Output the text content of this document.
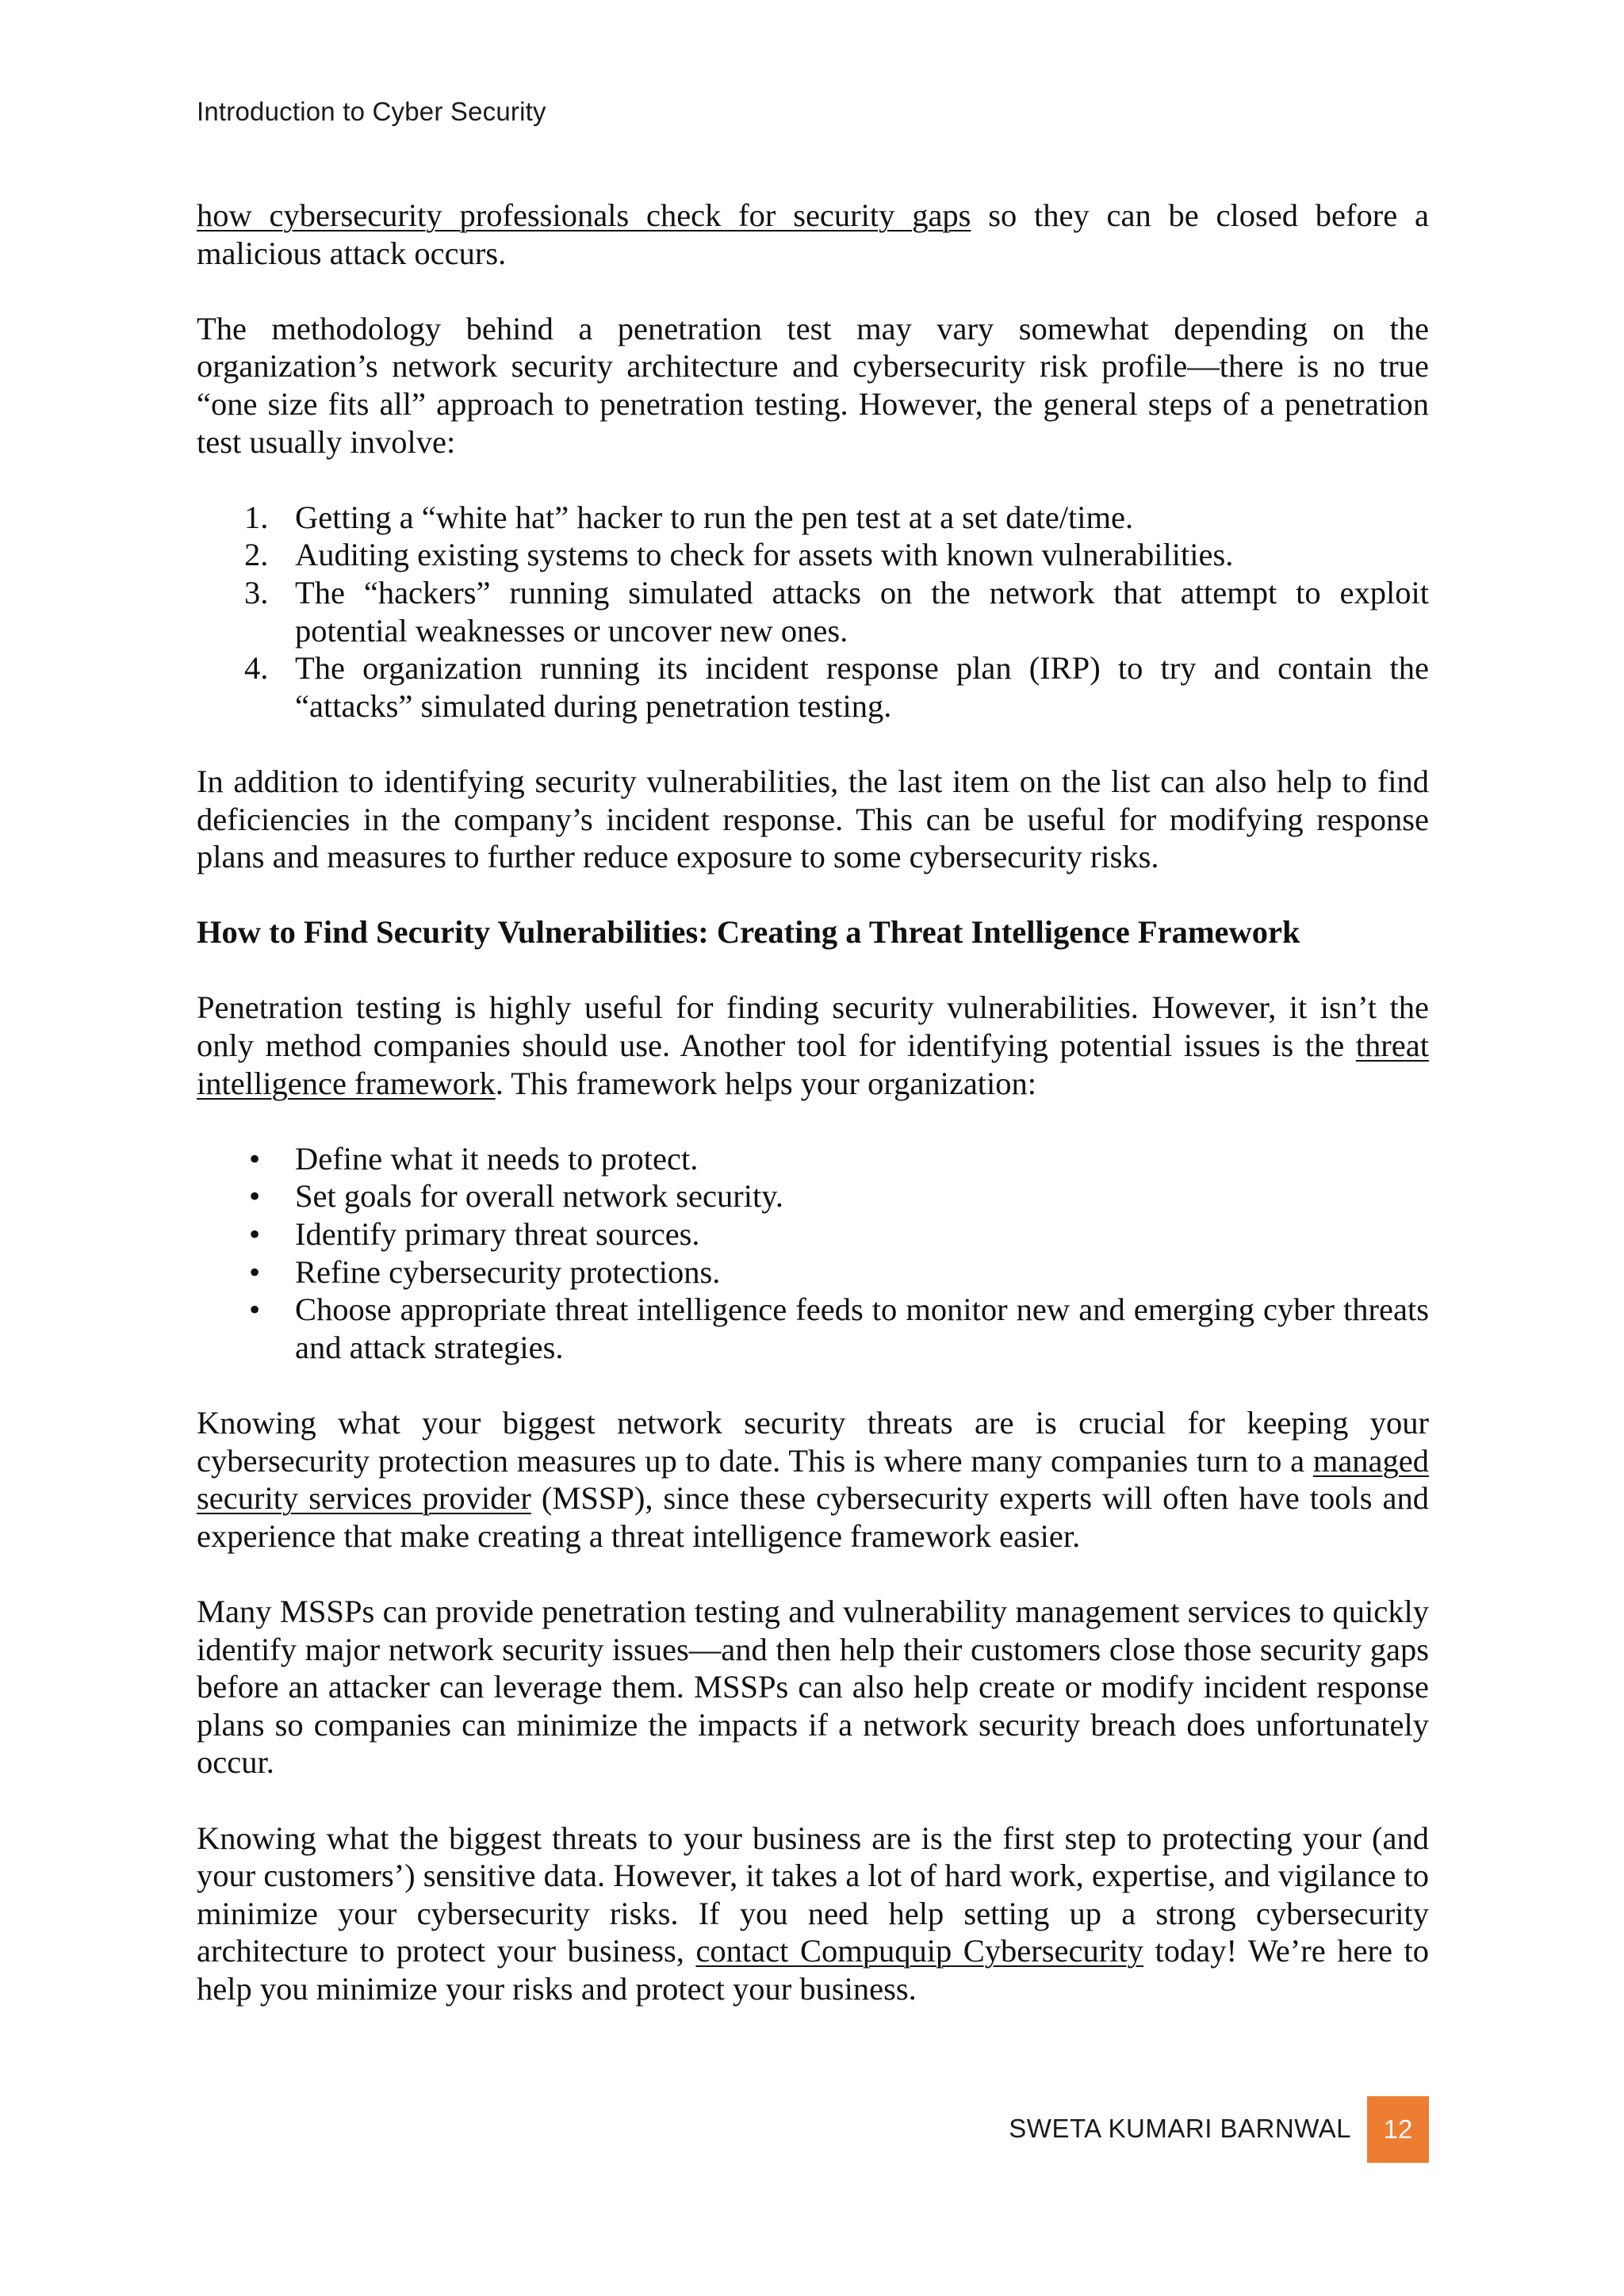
Introduction to Cyber Security

how cybersecurity professionals check for security gaps so they can be closed before a malicious attack occurs.

The methodology behind a penetration test may vary somewhat depending on the organization’s network security architecture and cybersecurity risk profile—there is no true “one size fits all” approach to penetration testing. However, the general steps of a penetration test usually involve:

1. Getting a “white hat” hacker to run the pen test at a set date/time.
2. Auditing existing systems to check for assets with known vulnerabilities.
3. The “hackers” running simulated attacks on the network that attempt to exploit potential weaknesses or uncover new ones.
4. The organization running its incident response plan (IRP) to try and contain the “attacks” simulated during penetration testing.

In addition to identifying security vulnerabilities, the last item on the list can also help to find deficiencies in the company’s incident response. This can be useful for modifying response plans and measures to further reduce exposure to some cybersecurity risks.

How to Find Security Vulnerabilities: Creating a Threat Intelligence Framework

Penetration testing is highly useful for finding security vulnerabilities. However, it isn’t the only method companies should use. Another tool for identifying potential issues is the threat intelligence framework. This framework helps your organization:

• Define what it needs to protect.
• Set goals for overall network security.
• Identify primary threat sources.
• Refine cybersecurity protections.
• Choose appropriate threat intelligence feeds to monitor new and emerging cyber threats and attack strategies.

Knowing what your biggest network security threats are is crucial for keeping your cybersecurity protection measures up to date. This is where many companies turn to a managed security services provider (MSSP), since these cybersecurity experts will often have tools and experience that make creating a threat intelligence framework easier.

Many MSSPs can provide penetration testing and vulnerability management services to quickly identify major network security issues—and then help their customers close those security gaps before an attacker can leverage them. MSSPs can also help create or modify incident response plans so companies can minimize the impacts if a network security breach does unfortunately occur.

Knowing what the biggest threats to your business are is the first step to protecting your (and your customers’) sensitive data. However, it takes a lot of hard work, expertise, and vigilance to minimize your cybersecurity risks. If you need help setting up a strong cybersecurity architecture to protect your business, contact Compuquip Cybersecurity today! We’re here to help you minimize your risks and protect your business.

SWETA KUMARI BARNWAL	12
